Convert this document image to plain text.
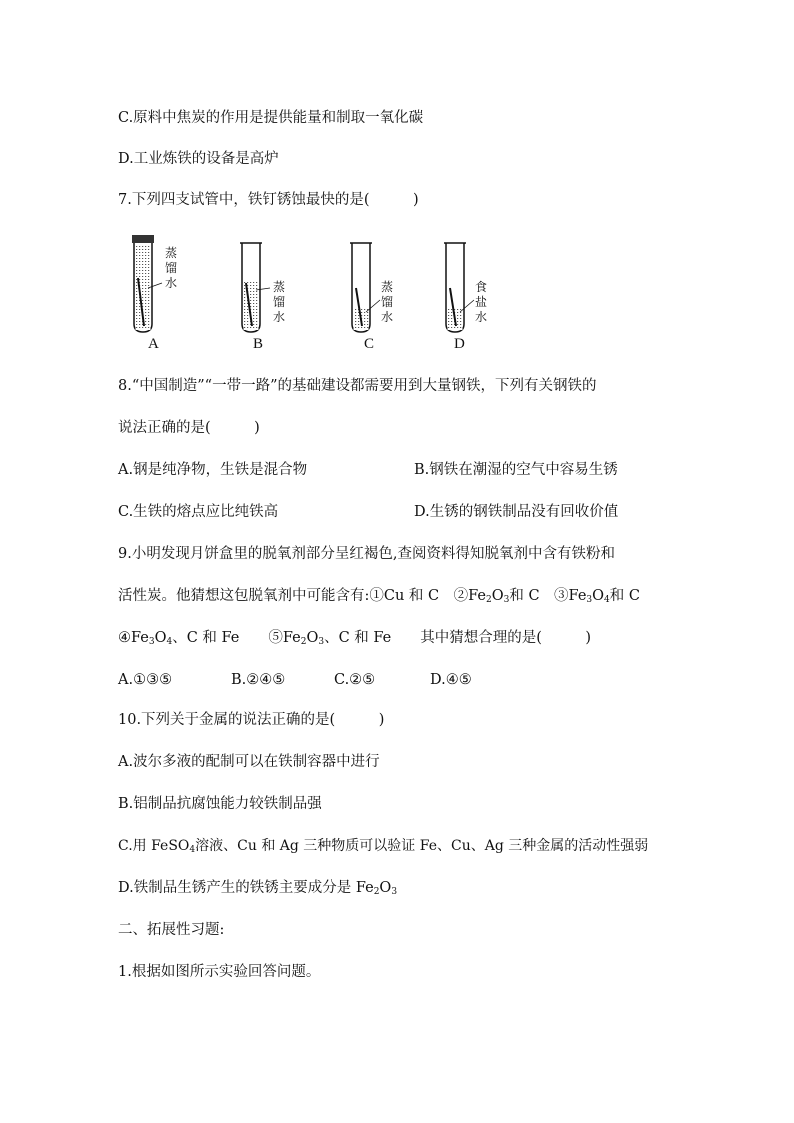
C.原料中焦炭的作用是提供能量和制取一氧化碳
D.工业炼铁的设备是高炉
7.下列四支试管中，铁钉锈蚀最快的是(　　　)
蒸
馏
水	蒸
馏
水
蒸
馏
水
食
盐
水
A	B	C	D
8.“中国制造”“一带一路”的基础建设都需要用到大量钢铁，下列有关钢铁的
说法正确的是(　　　)
A.钢是纯净物，生铁是混合物	B.钢铁在潮湿的空气中容易生锈
C.生铁的熔点应比纯铁高	D.生锈的钢铁制品没有回收价值
9.小明发现月饼盒里的脱氧剂部分呈红褐色,查阅资料得知脱氧剂中含有铁粉和
活性炭。他猜想这包脱氧剂中可能含有:①Cu 和 C　$②Fe_2O_3$和 C　$③Fe_3O_4$和 C
$④Fe_3O_4$、C 和 Fe　　$⑤Fe_2O_3$、C 和 Fe　　其中猜想合理的是(　　　)
A.①③⑤	B.②④⑤	C.②⑤	D.④⑤
10.下列关于金属的说法正确的是(　　　)
A.波尔多液的配制可以在铁制容器中进行
B.铝制品抗腐蚀能力较铁制品强
C.用 FeSO$_4$溶液、Cu 和 Ag 三种物质可以验证 Fe、Cu、Ag 三种金属的活动性强弱
D.铁制品生锈产生的铁锈主要成分是 $Fe_2O_3$
二、拓展性习题:
1.根据如图所示实验回答问题。
